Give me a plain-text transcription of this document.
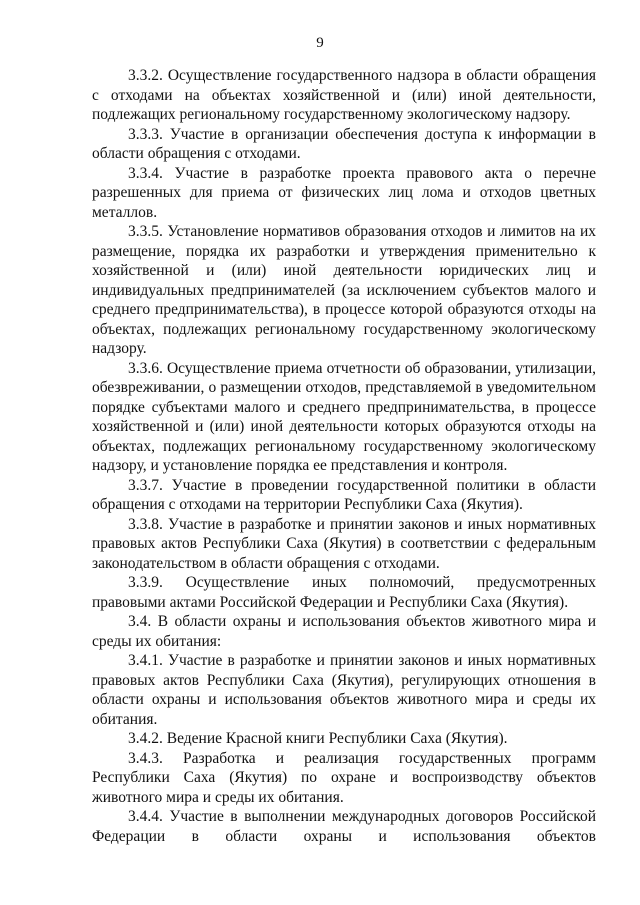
9

3.3.2. Осуществление государственного надзора в области обращения с отходами на объектах хозяйственной и (или) иной деятельности, подлежащих региональному государственному экологическому надзору.

3.3.3. Участие в организации обеспечения доступа к информации в области обращения с отходами.

3.3.4. Участие в разработке проекта правового акта о перечне разрешенных для приема от физических лиц лома и отходов цветных металлов.

3.3.5. Установление нормативов образования отходов и лимитов на их размещение, порядка их разработки и утверждения применительно к хозяйственной и (или) иной деятельности юридических лиц и индивидуальных предпринимателей (за исключением субъектов малого и среднего предпринимательства), в процессе которой образуются отходы на объектах, подлежащих региональному государственному экологическому надзору.

3.3.6. Осуществление приема отчетности об образовании, утилизации, обезвреживании, о размещении отходов, представляемой в уведомительном порядке субъектами малого и среднего предпринимательства, в процессе хозяйственной и (или) иной деятельности которых образуются отходы на объектах, подлежащих региональному государственному экологическому надзору, и установление порядка ее представления и контроля.

3.3.7. Участие в проведении государственной политики в области обращения с отходами на территории Республики Саха (Якутия).

3.3.8. Участие в разработке и принятии законов и иных нормативных правовых актов Республики Саха (Якутия) в соответствии с федеральным законодательством в области обращения с отходами.

3.3.9. Осуществление иных полномочий, предусмотренных правовыми актами Российской Федерации и Республики Саха (Якутия).

3.4. В области охраны и использования объектов животного мира и среды их обитания:

3.4.1. Участие в разработке и принятии законов и иных нормативных правовых актов Республики Саха (Якутия), регулирующих отношения в области охраны и использования объектов животного мира и среды их обитания.

3.4.2. Ведение Красной книги Республики Саха (Якутия).

3.4.3. Разработка и реализация государственных программ Республики Саха (Якутия) по охране и воспроизводству объектов животного мира и среды их обитания.

3.4.4. Участие в выполнении международных договоров Российской Федерации в области охраны и использования объектов
